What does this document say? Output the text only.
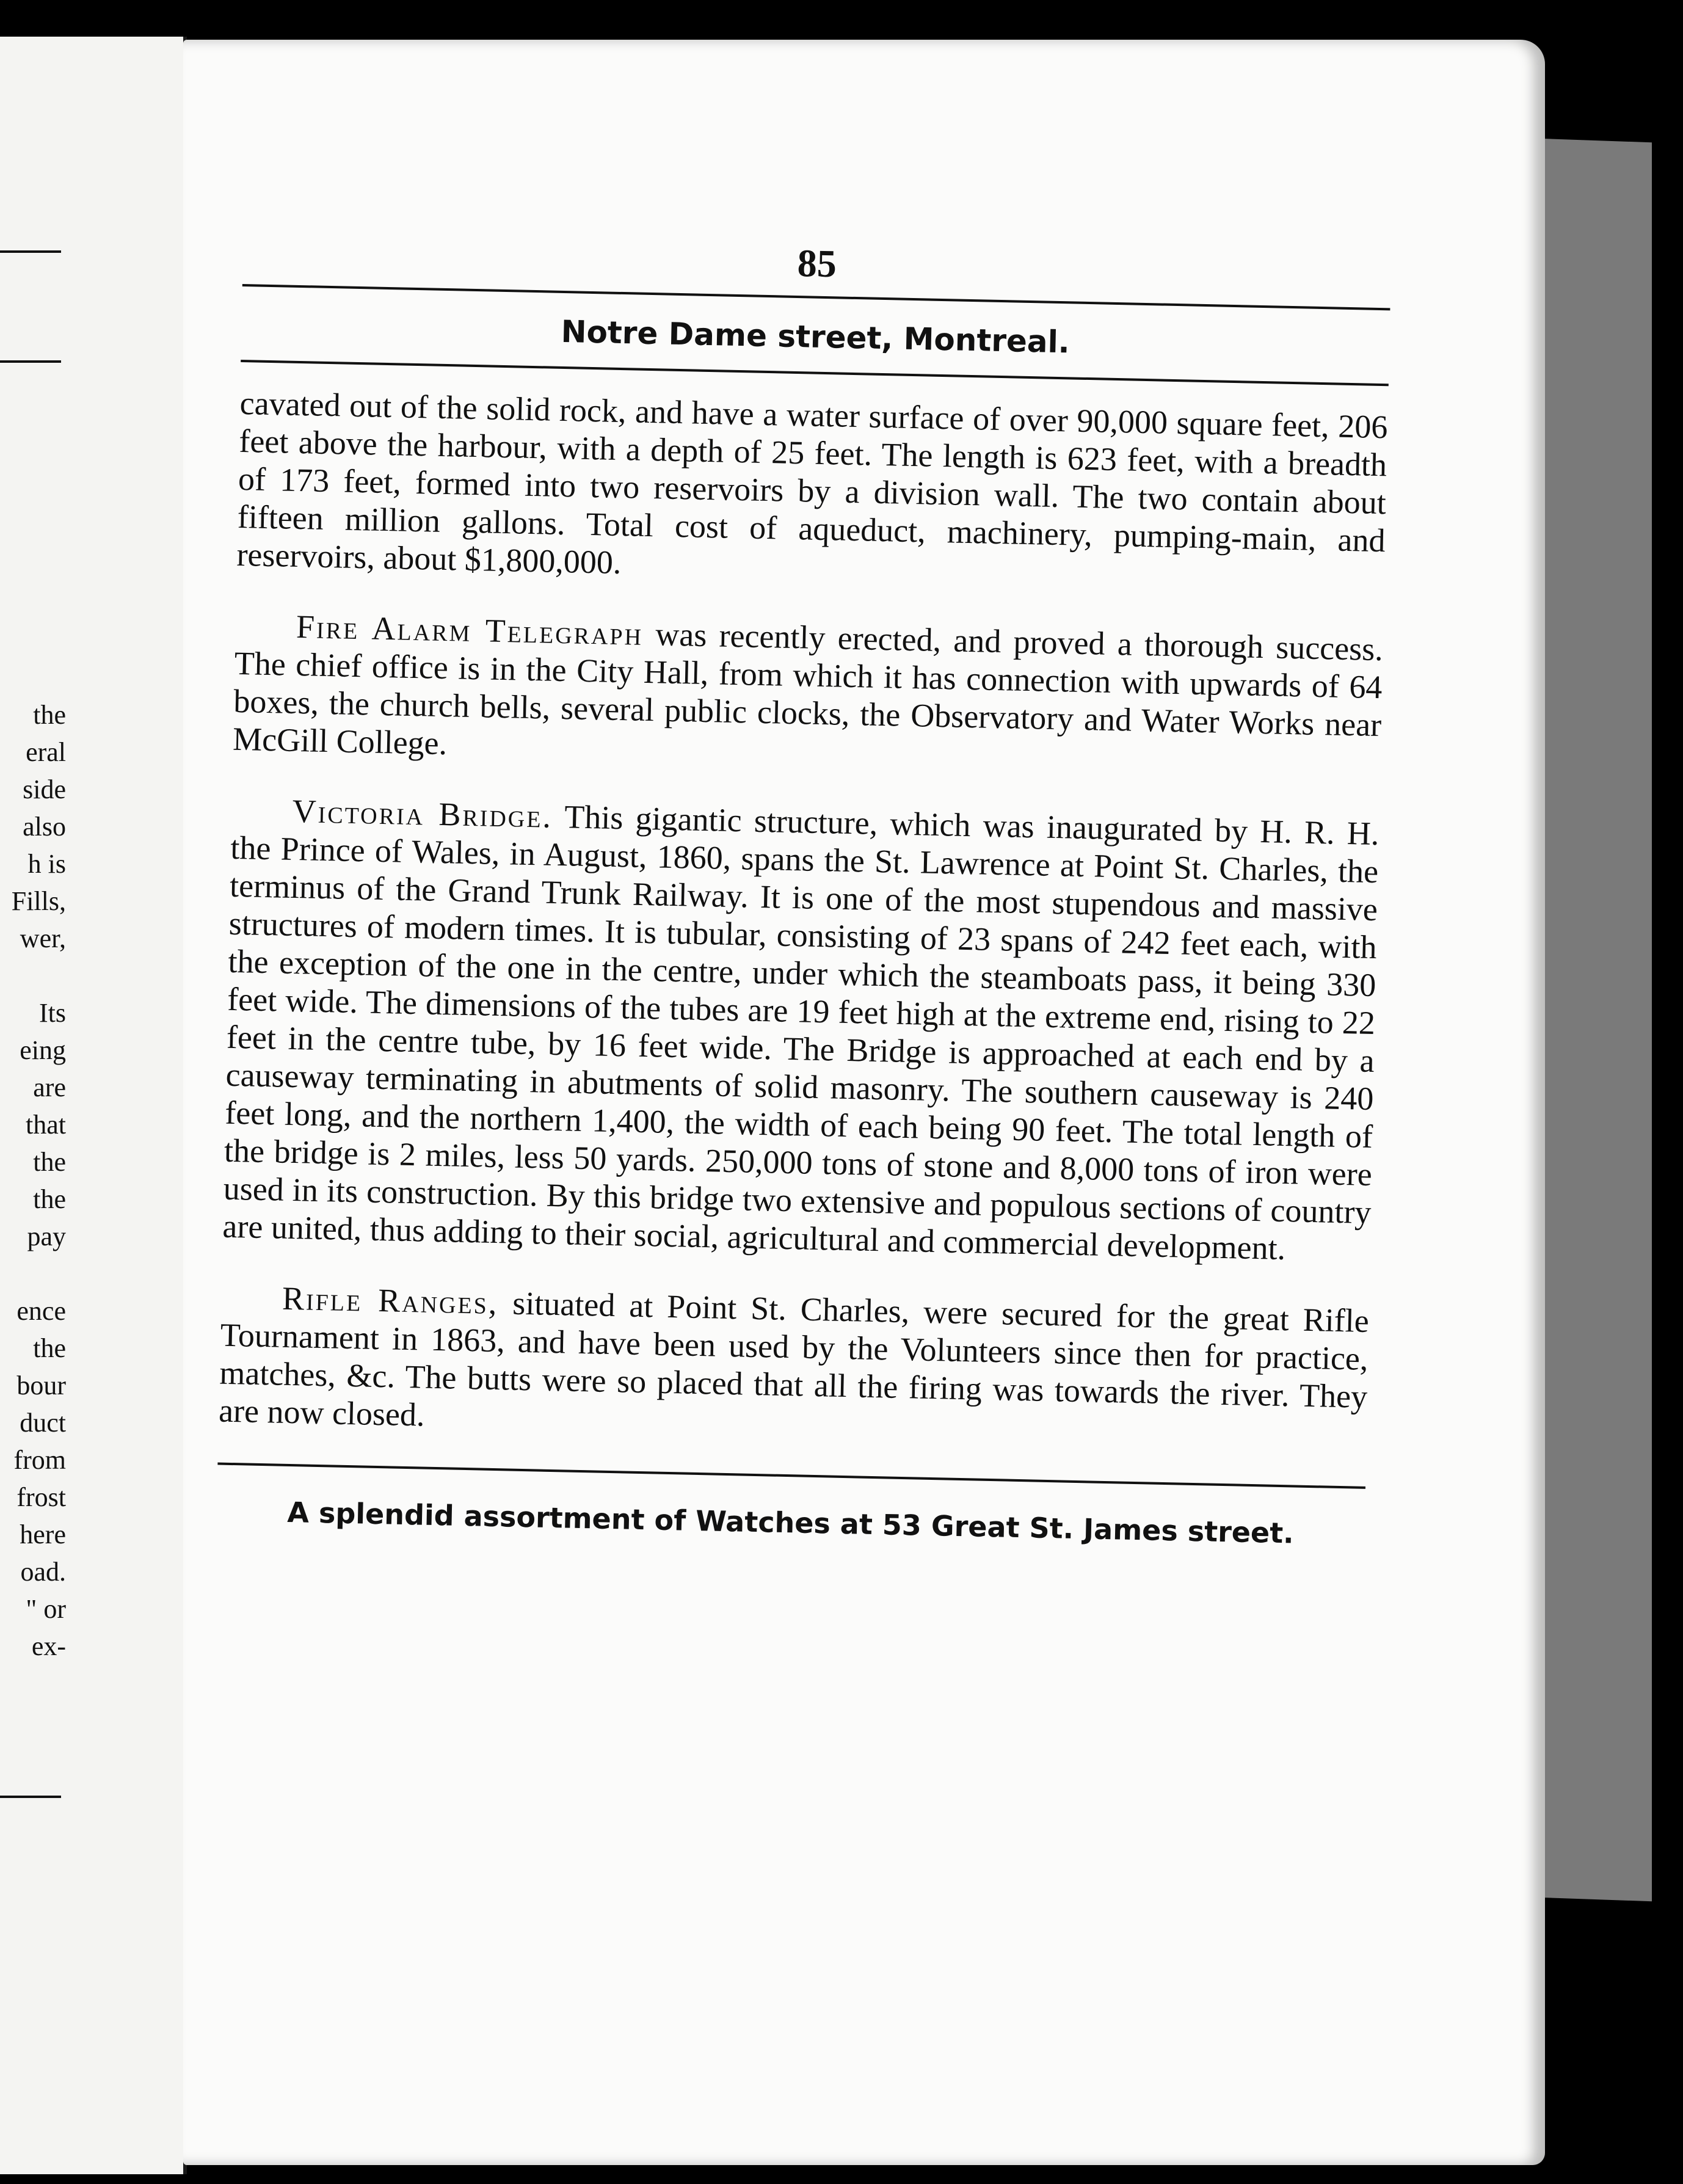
the
eral
side
also
h is
Fills,
wer,
Its
eing
are
that
the
the
pay
ence
the
bour
duct
from
frost
here
oad.
" or
ex-
85
Notre Dame street, Montreal.

cavated out of the solid rock, and have a water surface of over 90,000 square feet, 206 feet above the harbour, with a depth of 25 feet. The length is 623 feet, with a breadth of 173 feet, formed into two reservoirs by a division wall. The two contain about fifteen million gallons. Total cost of aqueduct, machinery, pumping-main, and reservoirs, about $1,800,000.

Fire Alarm Telegraph was recently erected, and proved a thorough success. The chief office is in the City Hall, from which it has connection with upwards of 64 boxes, the church bells, several public clocks, the Observatory and Water Works near McGill College.

Victoria Bridge. This gigantic structure, which was inaugurated by H. R. H. the Prince of Wales, in August, 1860, spans the St. Lawrence at Point St. Charles, the terminus of the Grand Trunk Railway. It is one of the most stupendous and massive structures of modern times. It is tubular, consisting of 23 spans of 242 feet each, with the exception of the one in the centre, under which the steamboats pass, it being 330 feet wide. The dimensions of the tubes are 19 feet high at the extreme end, rising to 22 feet in the centre tube, by 16 feet wide. The Bridge is approached at each end by a causeway terminating in abutments of solid masonry. The southern causeway is 240 feet long, and the northern 1,400, the width of each being 90 feet. The total length of the bridge is 2 miles, less 50 yards. 250,000 tons of stone and 8,000 tons of iron were used in its construction. By this bridge two extensive and populous sections of country are united, thus adding to their social, agricultural and commercial development.

Rifle Ranges, situated at Point St. Charles, were secured for the great Rifle Tournament in 1863, and have been used by the Volunteers since then for practice, matches, &c. The butts were so placed that all the firing was towards the river. They are now closed.

A splendid assortment of Watches at 53 Great St. James street.
